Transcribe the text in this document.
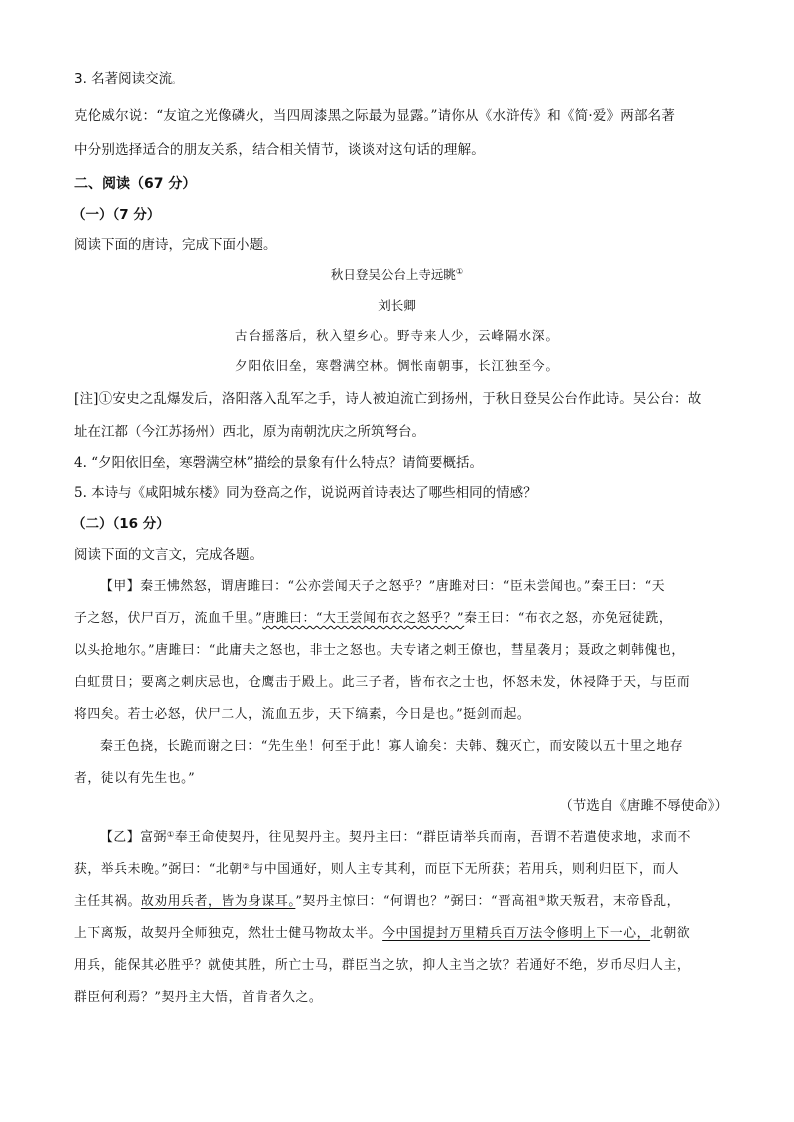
3. 名著阅读交流。
克伦威尔说：“友谊之光像磷火，当四周漆黑之际最为显露。”请你从《水浒传》和《简·爱》两部名著
中分别选择适合的朋友关系，结合相关情节，谈谈对这句话的理解。
二、阅读（67 分）
（一）（7 分）
阅读下面的唐诗，完成下面小题。
秋日登吴公台上寺远眺①
刘长卿
古台摇落后，秋入望乡心。野寺来人少，云峰隔水深。
夕阳依旧垒，寒磬满空林。惆怅南朝事，长江独至今。
[注]①安史之乱爆发后，洛阳落入乱军之手，诗人被迫流亡到扬州，于秋日登吴公台作此诗。吴公台：故
址在江都（今江苏扬州）西北，原为南朝沈庆之所筑弩台。
4. “夕阳依旧垒，寒磬满空林”描绘的景象有什么特点？请简要概括。
5. 本诗与《咸阳城东楼》同为登高之作，说说两首诗表达了哪些相同的情感？
（二）（16 分）
阅读下面的文言文，完成各题。
【甲】秦王怫然怒，谓唐雎曰：“公亦尝闻天子之怒乎？”唐雎对曰：“臣未尝闻也。”秦王曰：“天
子之怒，伏尸百万，流血千里。”唐雎曰：“大王尝闻布衣之怒乎？”秦王曰：“布衣之怒，亦免冠徒跣，
以头抢地尔。”唐雎曰：“此庸夫之怒也，非士之怒也。夫专诸之刺王僚也，彗星袭月；聂政之刺韩傀也，
白虹贯日；要离之刺庆忌也，仓鹰击于殿上。此三子者，皆布衣之士也，怀怒未发，休祲降于天，与臣而
将四矣。若士必怒，伏尸二人，流血五步，天下缟素，今日是也。”挺剑而起。
秦王色挠，长跪而谢之曰：“先生坐！何至于此！寡人谕矣：夫韩、魏灭亡，而安陵以五十里之地存
者，徒以有先生也。”
（节选自《唐雎不辱使命》）
【乙】富弼①奉王命使契丹，往见契丹主。契丹主曰：“群臣请举兵而南，吾谓不若遣使求地，求而不
获，举兵未晚。”弼曰：“北朝②与中国通好，则人主专其利，而臣下无所获；若用兵，则利归臣下，而人
主任其祸。故劝用兵者，皆为身谋耳。”契丹主惊曰：“何谓也？”弼曰：“晋高祖③欺天叛君，末帝昏乱，
上下离叛，故契丹全师独克，然壮士健马物故太半。今中国提封万里精兵百万法令修明上下一心，北朝欲
用兵，能保其必胜乎？就使其胜，所亡士马，群臣当之欤，抑人主当之欤？若通好不绝，岁币尽归人主，
群臣何利焉？”契丹主大悟，首肯者久之。
